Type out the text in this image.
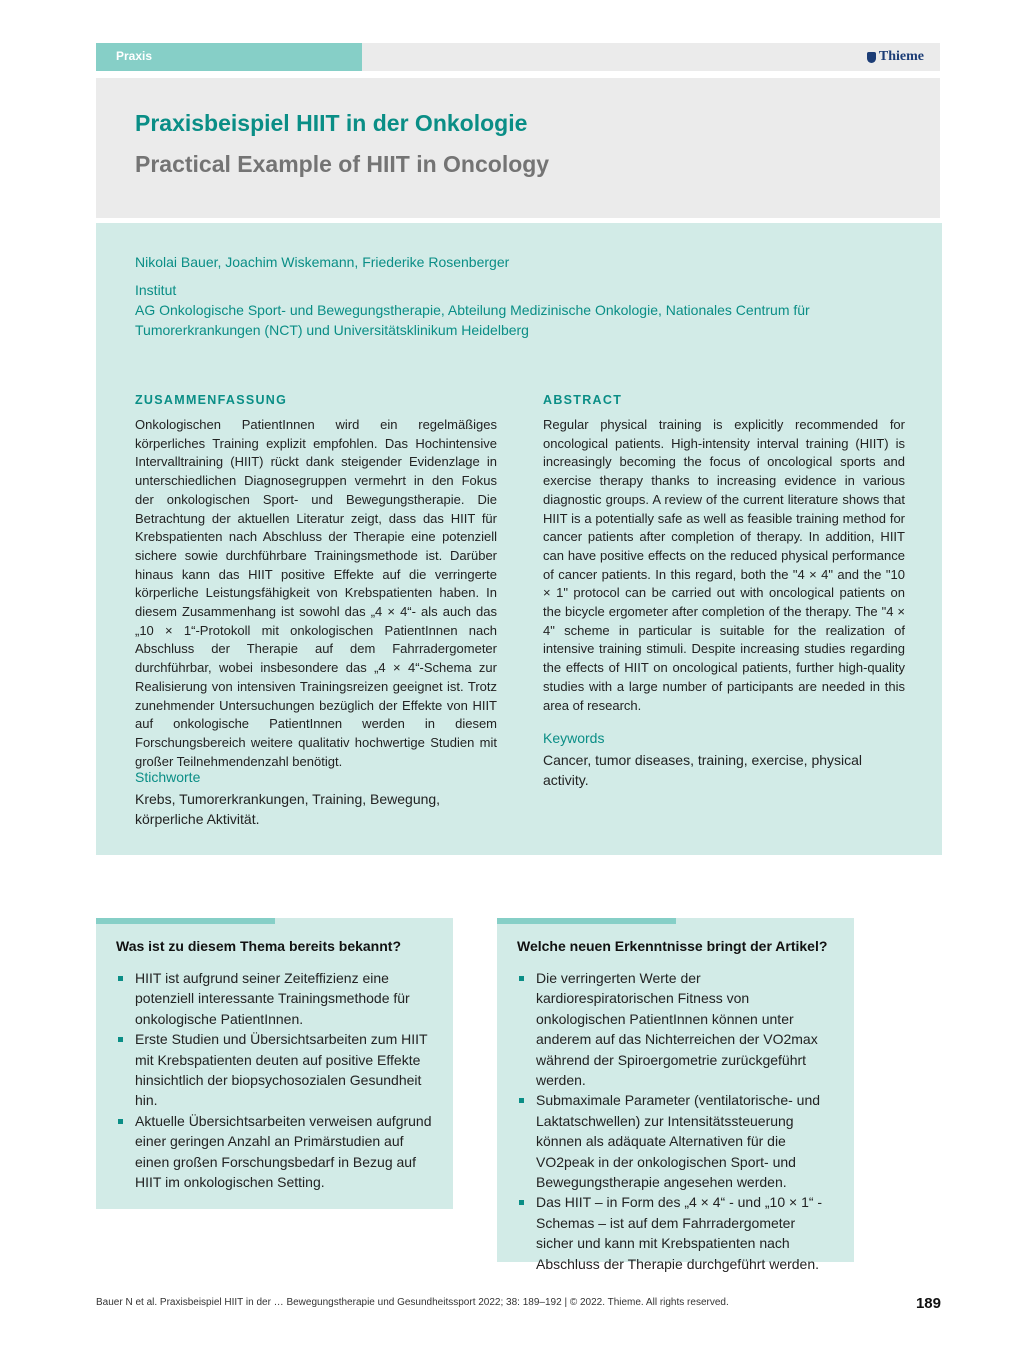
Praxis	Thieme
Praxisbeispiel HIIT in der Onkologie
Practical Example of HIIT in Oncology
Nikolai Bauer, Joachim Wiskemann, Friederike Rosenberger
Institut
AG Onkologische Sport- und Bewegungstherapie, Abteilung Medizinische Onkologie, Nationales Centrum für Tumorerkrankungen (NCT) und Universitätsklinikum Heidelberg
ZUSAMMENFASSUNG
Onkologischen PatientInnen wird ein regelmäßiges körperliches Training explizit empfohlen. Das Hochintensive Intervalltraining (HIIT) rückt dank steigender Evidenzlage in unterschiedlichen Diagnosegruppen vermehrt in den Fokus der onkologischen Sport- und Bewegungstherapie. Die Betrachtung der aktuellen Literatur zeigt, dass das HIIT für Krebspatienten nach Abschluss der Therapie eine potenziell sichere sowie durchführbare Trainingsmethode ist. Darüber hinaus kann das HIIT positive Effekte auf die verringerte körperliche Leistungsfähigkeit von Krebspatienten haben. In diesem Zusammenhang ist sowohl das „4 × 4“- als auch das „10 × 1“-Protokoll mit onkologischen PatientInnen nach Abschluss der Therapie auf dem Fahrradergometer durchführbar, wobei insbesondere das „4 × 4“-Schema zur Realisierung von intensiven Trainingsreizen geeignet ist. Trotz zunehmender Untersuchungen bezüglich der Effekte von HIIT auf onkologische PatientInnen werden in diesem Forschungsbereich weitere qualitativ hochwertige Studien mit großer Teilnehmendenzahl benötigt.
Stichworte
Krebs, Tumorerkrankungen, Training, Bewegung, körperliche Aktivität.
ABSTRACT
Regular physical training is explicitly recommended for oncological patients. High-intensity interval training (HIIT) is increasingly becoming the focus of oncological sports and exercise therapy thanks to increasing evidence in various diagnostic groups. A review of the current literature shows that HIIT is a potentially safe as well as feasible training method for cancer patients after completion of therapy. In addition, HIIT can have positive effects on the reduced physical performance of cancer patients. In this regard, both the "4 × 4" and the "10 × 1" protocol can be carried out with oncological patients on the bicycle ergometer after completion of the therapy. The "4 × 4" scheme in particular is suitable for the realization of intensive training stimuli. Despite increasing studies regarding the effects of HIIT on oncological patients, further high-quality studies with a large number of participants are needed in this area of research.
Keywords
Cancer, tumor diseases, training, exercise, physical activity.
Was ist zu diesem Thema bereits bekannt?
HIIT ist aufgrund seiner Zeiteffizienz eine potenziell interessante Trainingsmethode für onkologische PatientInnen.
Erste Studien und Übersichtsarbeiten zum HIIT mit Krebspatienten deuten auf positive Effekte hinsichtlich der biopsychosozialen Gesundheit hin.
Aktuelle Übersichtsarbeiten verweisen aufgrund einer geringen Anzahl an Primärstudien auf einen großen Forschungsbedarf in Bezug auf HIIT im onkologischen Setting.
Welche neuen Erkenntnisse bringt der Artikel?
Die verringerten Werte der kardiorespiratorischen Fitness von onkologischen PatientInnen können unter anderem auf das Nichterreichen der VO2max während der Spiroergometrie zurückgeführt werden.
Submaximale Parameter (ventilatorische- und Laktatschwellen) zur Intensitätssteuerung können als adäquate Alternativen für die VO2peak in der onkologischen Sport- und Bewegungstherapie angesehen werden.
Das HIIT – in Form des „4 × 4“ - und „10 × 1“ -Schemas – ist auf dem Fahrradergometer sicher und kann mit Krebspatienten nach Abschluss der Therapie durchgeführt werden.
Bauer N et al. Praxisbeispiel HIIT in der … Bewegungstherapie und Gesundheitssport 2022; 38: 189–192 | © 2022. Thieme. All rights reserved.	189
